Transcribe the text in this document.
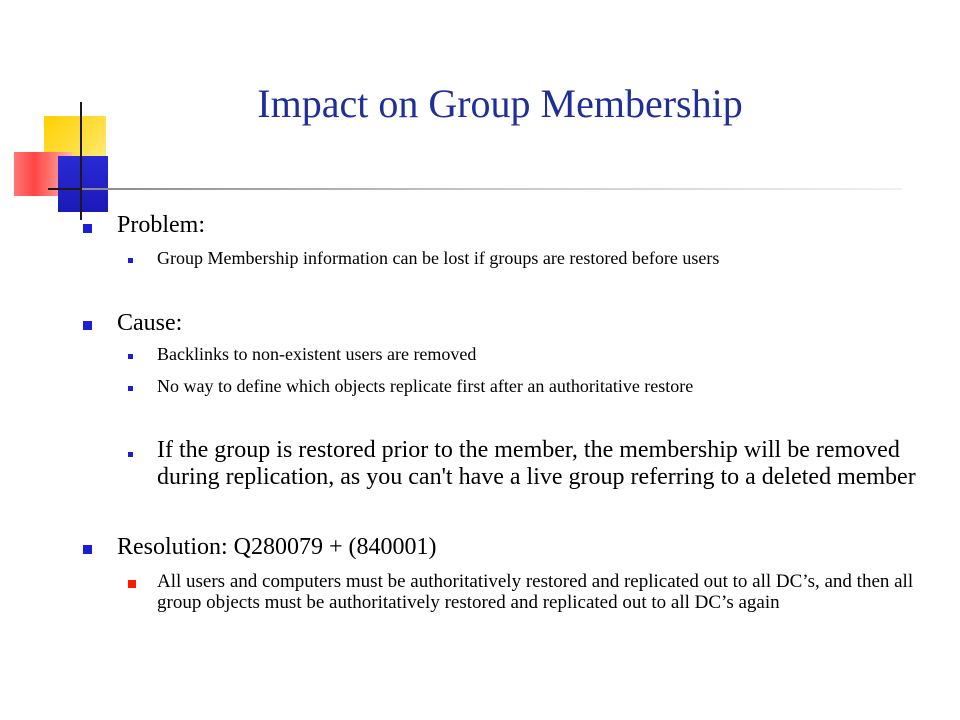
Impact on Group Membership
Problem:
Group Membership information can be lost if groups are restored before users
Cause:
Backlinks to non-existent users are removed
No way to define which objects replicate first after an authoritative restore
If the group is restored prior to the member, the membership will be removed during replication, as you can't have a live group referring to a deleted member
Resolution: Q280079 + (840001)
All users and computers must be authoritatively restored and replicated out to all DC’s, and then all group objects must be authoritatively restored and replicated out to all DC’s again
